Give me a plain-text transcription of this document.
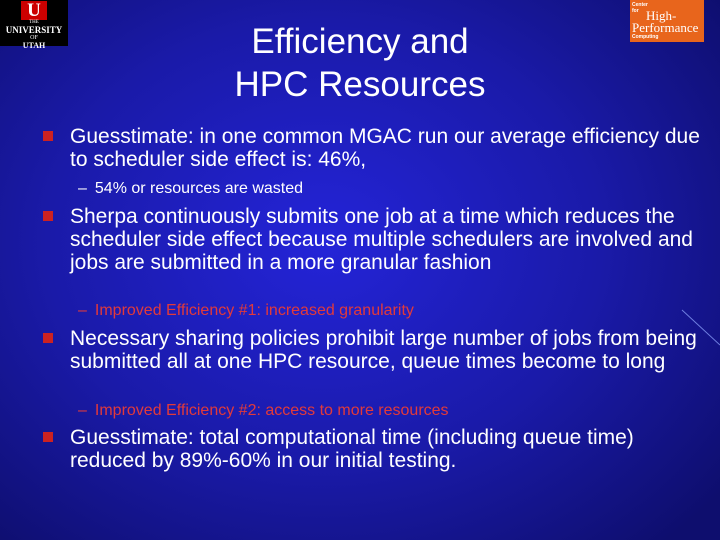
U
THE
UNIVERSITY
OF
UTAH
Center
for High-
Performance
Computing
Efficiency and
HPC Resources
Guesstimate: in one common MGAC run our average efficiency due to scheduler side effect is: 46%,
– 54% or resources are wasted
Sherpa continuously submits one job at a time which reduces the scheduler side effect because multiple schedulers are involved and jobs are submitted in a more granular fashion
– Improved Efficiency #1: increased granularity
Necessary sharing policies prohibit large number of jobs from being submitted all at one HPC resource, queue times become to long
– Improved Efficiency #2: access to more resources
Guesstimate: total computational time (including queue time) reduced by 89%-60% in our initial testing.
